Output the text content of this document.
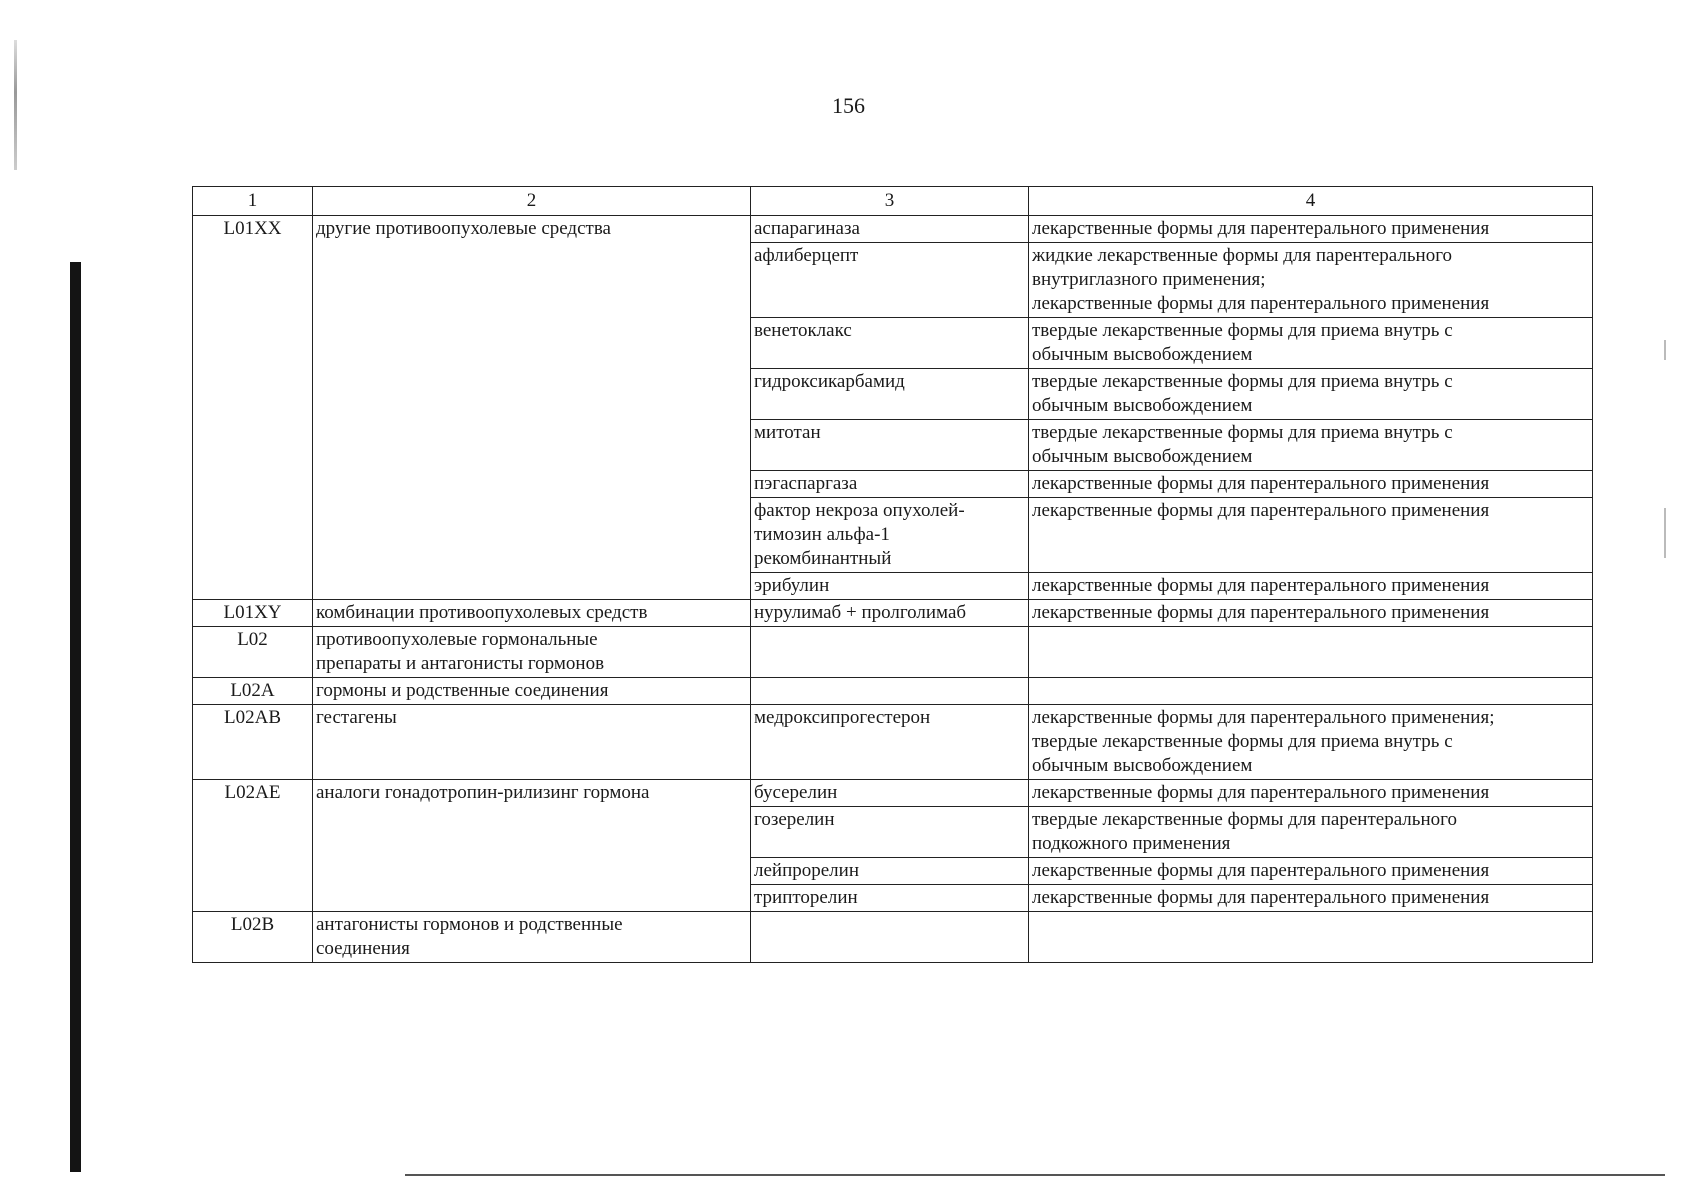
156
1	2	3	4
L01XX	другие противоопухолевые средства	аспарагиназа	лекарственные формы для парентерального применения

		афлиберцепт	жидкие лекарственные формы для парентерального
внутриглазного применения;
лекарственные формы для парентерального применения

		венетоклакс	твердые лекарственные формы для приема внутрь с
обычным высвобождением

		гидроксикарбамид	твердые лекарственные формы для приема внутрь с
обычным высвобождением

		митотан	твердые лекарственные формы для приема внутрь с
обычным высвобождением

		пэгаспаргаза	лекарственные формы для парентерального применения

		фактор некроза опухолей-
тимозин альфа-1
рекомбинантный	лекарственные формы для парентерального применения

		эрибулин	лекарственные формы для парентерального применения

L01XY	комбинации противоопухолевых средств	нурулимаб + пролголимаб	лекарственные формы для парентерального применения

L02	противоопухолевые гормональные
препараты и антагонисты гормонов		

L02A	гормоны и родственные соединения		
L02AB	гестагены	медроксипрогестерон	лекарственные формы для парентерального применения;
твердые лекарственные формы для приема внутрь с
обычным высвобождением

L02AE	аналоги гонадотропин-рилизинг гормона	бусерелин	лекарственные формы для парентерального применения

		гозерелин	твердые лекарственные формы для парентерального
подкожного применения

		лейпрорелин	лекарственные формы для парентерального применения

		трипторелин	лекарственные формы для парентерального применения

L02B	антагонисты гормонов и родственные
соединения		
